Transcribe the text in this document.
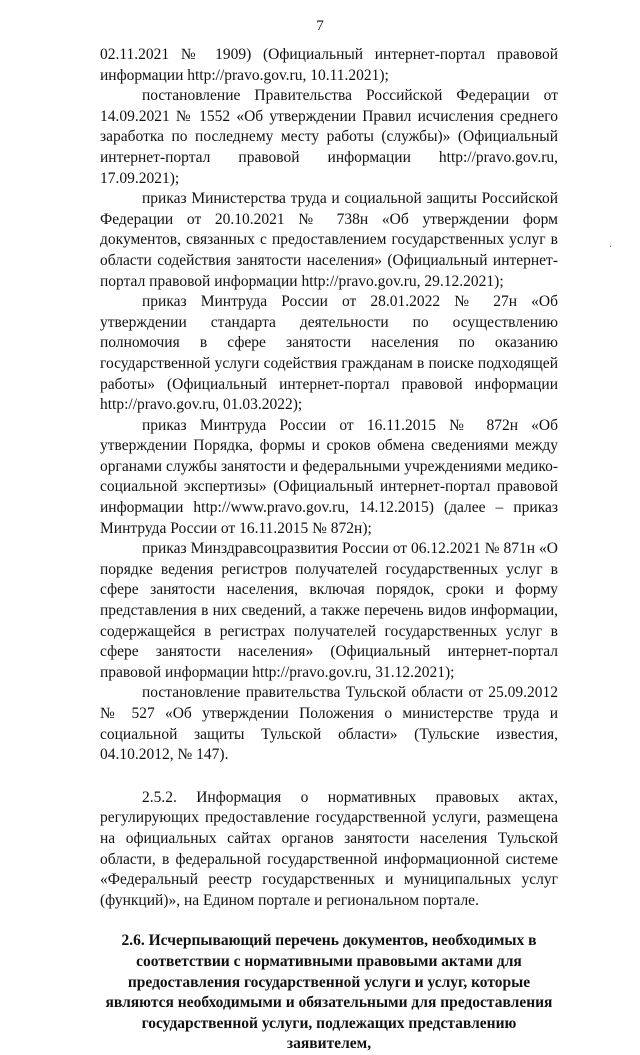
7
·

02.11.2021 № 1909) (Официальный интернет-портал правовой информации http://pravo.gov.ru, 10.11.2021);

постановление Правительства Российской Федерации от 14.09.2021 № 1552 «Об утверждении Правил исчисления среднего заработка по последнему месту работы (службы)» (Официальный интернет-портал правовой информации http://pravo.gov.ru, 17.09.2021);

приказ Министерства труда и социальной защиты Российской Федерации от 20.10.2021 № 738н «Об утверждении форм документов, связанных с предоставлением государственных услуг в области содействия занятости населения» (Официальный интернет-портал правовой информации http://pravo.gov.ru, 29.12.2021);

приказ Минтруда России от 28.01.2022 № 27н «Об утверждении стандарта деятельности по осуществлению полномочия в сфере занятости населения по оказанию государственной услуги содействия гражданам в поиске подходящей работы» (Официальный интернет-портал правовой информации http://pravo.gov.ru, 01.03.2022);

приказ Минтруда России от 16.11.2015 № 872н «Об утверждении Порядка, формы и сроков обмена сведениями между органами службы занятости и федеральными учреждениями медико-социальной экспертизы» (Официальный интернет-портал правовой информации http://www.pravo.gov.ru, 14.12.2015) (далее – приказ Минтруда России от 16.11.2015 № 872н);

приказ Минздравсоцразвития России от 06.12.2021 № 871н «О порядке ведения регистров получателей государственных услуг в сфере занятости населения, включая порядок, сроки и форму представления в них сведений, а также перечень видов информации, содержащейся в регистрах получателей государственных услуг в сфере занятости населения» (Официальный интернет-портал правовой информации http://pravo.gov.ru, 31.12.2021);

постановление правительства Тульской области от 25.09.2012 № 527 «Об утверждении Положения о министерстве труда и социальной защиты Тульской области» (Тульские известия, 04.10.2012, № 147).

2.5.2. Информация о нормативных правовых актах, регулирующих предоставление государственной услуги, размещена на официальных сайтах органов занятости населения Тульской области, в федеральной государственной информационной системе «Федеральный реестр государственных и муниципальных услуг (функций)», на Едином портале и региональном портале.

2.6. Исчерпывающий перечень документов, необходимых в соответствии с нормативными правовыми актами для предоставления государственной услуги и услуг, которые являются необходимыми и обязательными для предоставления государственной услуги, подлежащих представлению заявителем,
